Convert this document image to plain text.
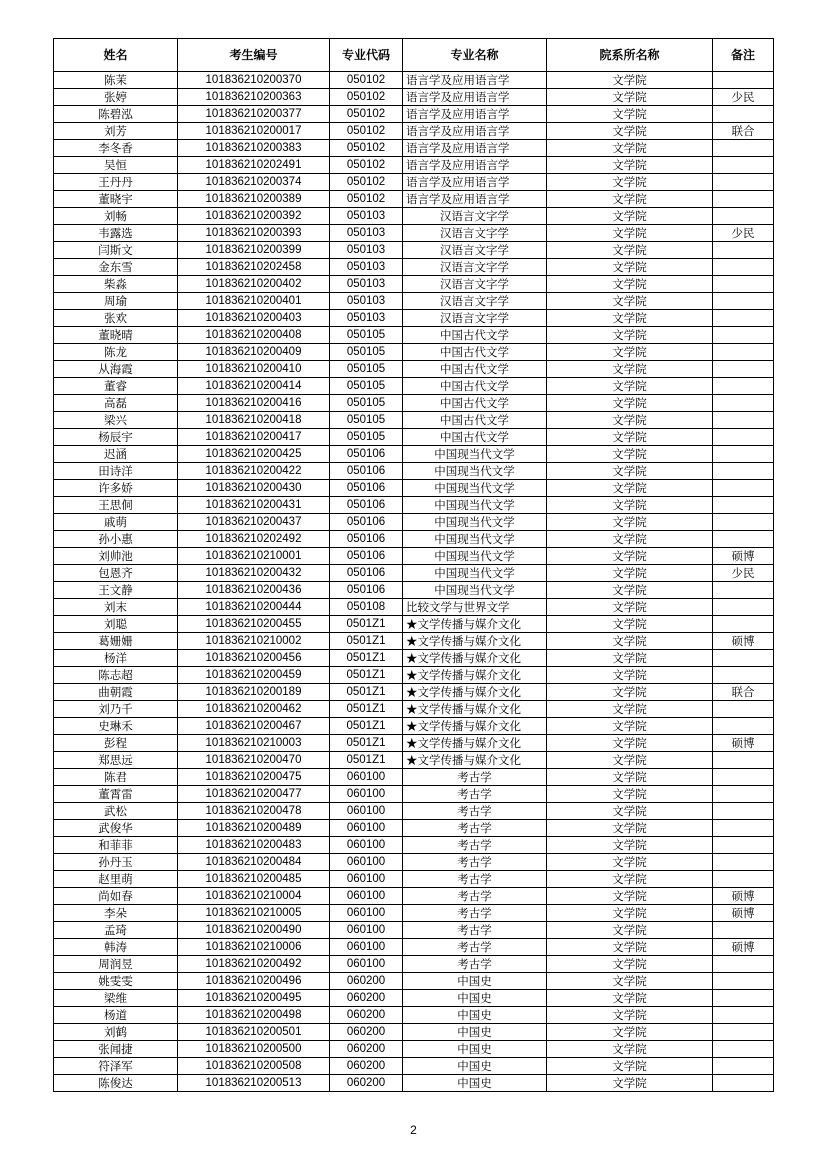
姓名	考生编号	专业代码	专业名称	院系所名称	备注
陈茉	101836210200370	050102	语言学及应用语言学	文学院	
张婷	101836210200363	050102	语言学及应用语言学	文学院	少民
陈碧泓	101836210200377	050102	语言学及应用语言学	文学院	
刘芳	101836210200017	050102	语言学及应用语言学	文学院	联合
李冬香	101836210200383	050102	语言学及应用语言学	文学院	
吴恒	101836210202491	050102	语言学及应用语言学	文学院	
王丹丹	101836210200374	050102	语言学及应用语言学	文学院	
董晓宇	101836210200389	050102	语言学及应用语言学	文学院	
刘畅	101836210200392	050103	汉语言文字学	文学院	
韦露选	101836210200393	050103	汉语言文字学	文学院	少民
闫斯文	101836210200399	050103	汉语言文字学	文学院	
金东雪	101836210202458	050103	汉语言文字学	文学院	
柴淼	101836210200402	050103	汉语言文字学	文学院	
周瑜	101836210200401	050103	汉语言文字学	文学院	
张欢	101836210200403	050103	汉语言文字学	文学院	
董晓晴	101836210200408	050105	中国古代文学	文学院	
陈龙	101836210200409	050105	中国古代文学	文学院	
从海霞	101836210200410	050105	中国古代文学	文学院	
董睿	101836210200414	050105	中国古代文学	文学院	
高磊	101836210200416	050105	中国古代文学	文学院	
梁兴	101836210200418	050105	中国古代文学	文学院	
杨辰宇	101836210200417	050105	中国古代文学	文学院	
迟涵	101836210200425	050106	中国现当代文学	文学院	
田诗洋	101836210200422	050106	中国现当代文学	文学院	
许多娇	101836210200430	050106	中国现当代文学	文学院	
王思侗	101836210200431	050106	中国现当代文学	文学院	
戚萌	101836210200437	050106	中国现当代文学	文学院	
孙小惠	101836210202492	050106	中国现当代文学	文学院	
刘帅池	101836210210001	050106	中国现当代文学	文学院	硕博
包恩齐	101836210200432	050106	中国现当代文学	文学院	少民
王文静	101836210200436	050106	中国现当代文学	文学院	
刘末	101836210200444	050108	比较文学与世界文学	文学院	
刘聪	101836210200455	0501Z1	★文学传播与媒介文化	文学院	
葛姗姗	101836210210002	0501Z1	★文学传播与媒介文化	文学院	硕博
杨洋	101836210200456	0501Z1	★文学传播与媒介文化	文学院	
陈志超	101836210200459	0501Z1	★文学传播与媒介文化	文学院	
曲朝霞	101836210200189	0501Z1	★文学传播与媒介文化	文学院	联合
刘乃千	101836210200462	0501Z1	★文学传播与媒介文化	文学院	
史琳禾	101836210200467	0501Z1	★文学传播与媒介文化	文学院	
彭程	101836210210003	0501Z1	★文学传播与媒介文化	文学院	硕博
郑思远	101836210200470	0501Z1	★文学传播与媒介文化	文学院	
陈君	101836210200475	060100	考古学	文学院	
董霄雷	101836210200477	060100	考古学	文学院	
武松	101836210200478	060100	考古学	文学院	
武俊华	101836210200489	060100	考古学	文学院	
和菲菲	101836210200483	060100	考古学	文学院	
孙丹玉	101836210200484	060100	考古学	文学院	
赵里萌	101836210200485	060100	考古学	文学院	
尚如春	101836210210004	060100	考古学	文学院	硕博
李朵	101836210210005	060100	考古学	文学院	硕博
孟琦	101836210200490	060100	考古学	文学院	
韩涛	101836210210006	060100	考古学	文学院	硕博
周润昱	101836210200492	060100	考古学	文学院	
姚雯雯	101836210200496	060200	中国史	文学院	
梁维	101836210200495	060200	中国史	文学院	
杨道	101836210200498	060200	中国史	文学院	
刘鹤	101836210200501	060200	中国史	文学院	
张闻捷	101836210200500	060200	中国史	文学院	
符泽军	101836210200508	060200	中国史	文学院	
陈俊达	101836210200513	060200	中国史	文学院	
2
